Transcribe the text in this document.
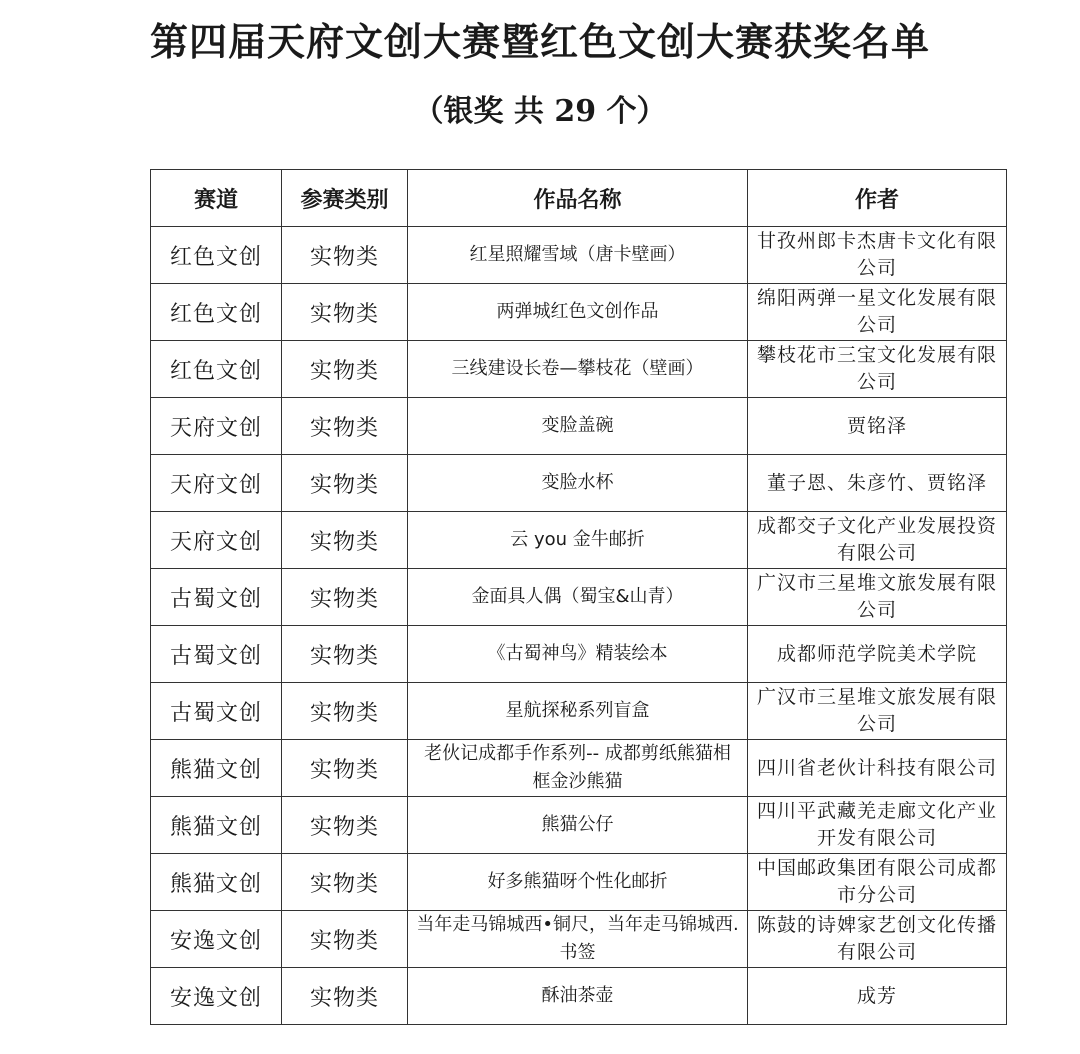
第四届天府文创大赛暨红色文创大赛获奖名单
（银奖 共 29 个）
赛道	参赛类别	作品名称	作者
红色文创	实物类	红星照耀雪域（唐卡壁画）	甘孜州郎卡杰唐卡文化有限公司
红色文创	实物类	两弹城红色文创作品	绵阳两弹一星文化发展有限公司
红色文创	实物类	三线建设长卷—攀枝花（壁画）	攀枝花市三宝文化发展有限公司
天府文创	实物类	变脸盖碗	贾铭泽
天府文创	实物类	变脸水杯	董子恩、朱彦竹、贾铭泽
天府文创	实物类	云 you 金牛邮折	成都交子文化产业发展投资有限公司
古蜀文创	实物类	金面具人偶（蜀宝&山青）	广汉市三星堆文旅发展有限公司
古蜀文创	实物类	《古蜀神鸟》精装绘本	成都师范学院美术学院
古蜀文创	实物类	星航探秘系列盲盒	广汉市三星堆文旅发展有限公司
熊猫文创	实物类	老伙记成都手作系列-- 成都剪纸熊猫相框金沙熊猫	四川省老伙计科技有限公司
熊猫文创	实物类	熊猫公仔	四川平武藏羌走廊文化产业开发有限公司
熊猫文创	实物类	好多熊猫呀个性化邮折	中国邮政集团有限公司成都市分公司
安逸文创	实物类	当年走马锦城西•铜尺，当年走马锦城西.书签	陈鼓的诗婢家艺创文化传播有限公司
安逸文创	实物类	酥油茶壶	成芳
